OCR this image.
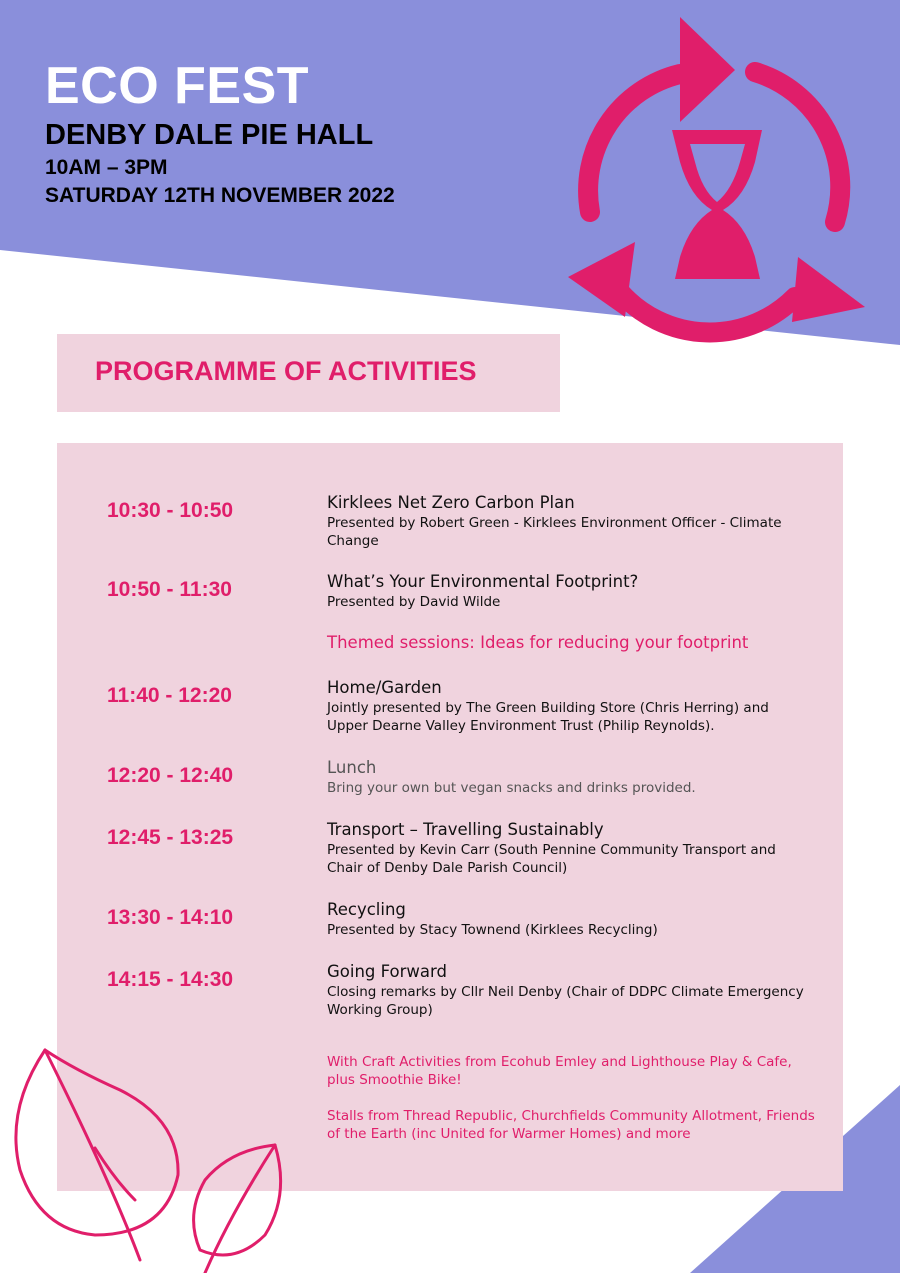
ECO FEST
DENBY DALE PIE HALL
10AM – 3PM
SATURDAY 12TH NOVEMBER 2022
PROGRAMME OF ACTIVITIES
10:30 - 10:50	Kirklees Net Zero Carbon Plan
Presented by Robert Green - Kirklees Environment Officer - Climate Change
10:50 - 11:30	What’s Your Environmental Footprint?
Presented by David Wilde
Themed sessions: Ideas for reducing your footprint
11:40 - 12:20	Home/Garden
Jointly presented by The Green Building Store (Chris Herring) and Upper Dearne Valley Environment Trust (Philip Reynolds).
12:20 - 12:40	Lunch
Bring your own but vegan snacks and drinks provided.
12:45 - 13:25	Transport – Travelling Sustainably
Presented by Kevin Carr (South Pennine Community Transport and Chair of Denby Dale Parish Council)
13:30 - 14:10	Recycling
Presented by Stacy Townend (Kirklees Recycling)
14:15 - 14:30	Going Forward
Closing remarks by Cllr Neil Denby (Chair of DDPC Climate Emergency Working Group)
With Craft Activities from Ecohub Emley and Lighthouse Play & Cafe, plus Smoothie Bike!
Stalls from Thread Republic, Churchfields Community Allotment, Friends of the Earth (inc United for Warmer Homes) and more
